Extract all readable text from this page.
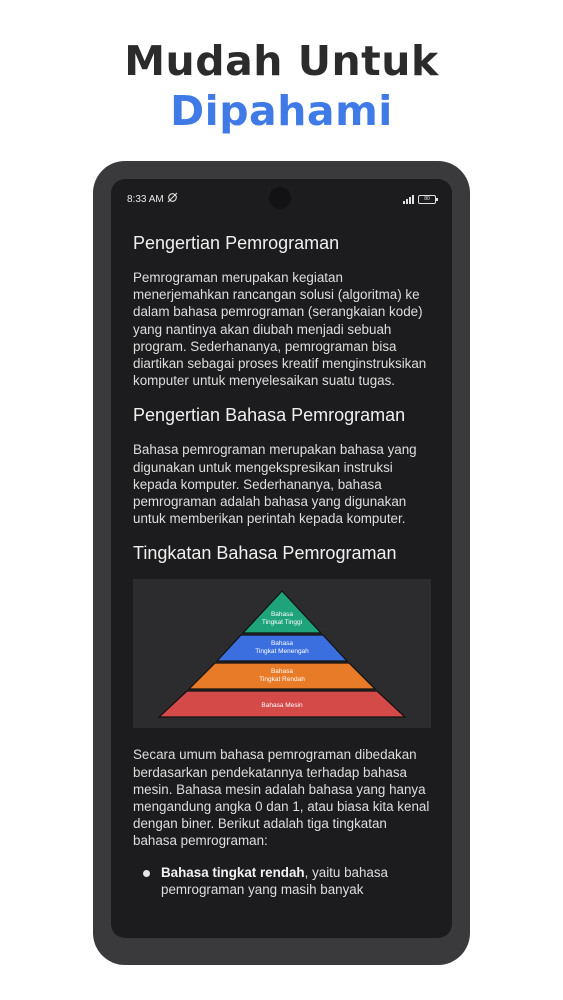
Mudah Untuk
Dipahami
8:33 AM	80
Pengertian Pemrograman

Pemrograman merupakan kegiatan menerjemahkan rancangan solusi (algoritma) ke dalam bahasa pemrograman (serangkaian kode) yang nantinya akan diubah menjadi sebuah program. Sederhananya, pemrograman bisa diartikan sebagai proses kreatif menginstruksikan komputer untuk menyelesaikan suatu tugas.

Pengertian Bahasa Pemrograman

Bahasa pemrograman merupakan bahasa yang digunakan untuk mengekspresikan instruksi kepada komputer. Sederhananya, bahasa pemrograman adalah bahasa yang digunakan untuk memberikan perintah kepada komputer.

Tingkatan Bahasa Pemrograman
Bahasa
Tingkat Tinggi
Bahasa
Tingkat Menengah
Bahasa
Tingkat Rendah
Bahasa Mesin

Secara umum bahasa pemrograman dibedakan berdasarkan pendekatannya terhadap bahasa mesin. Bahasa mesin adalah bahasa yang hanya mengandung angka 0 dan 1, atau biasa kita kenal dengan biner. Berikut adalah tiga tingkatan bahasa pemrograman:

Bahasa tingkat rendah, yaitu bahasa pemrograman yang masih banyak
